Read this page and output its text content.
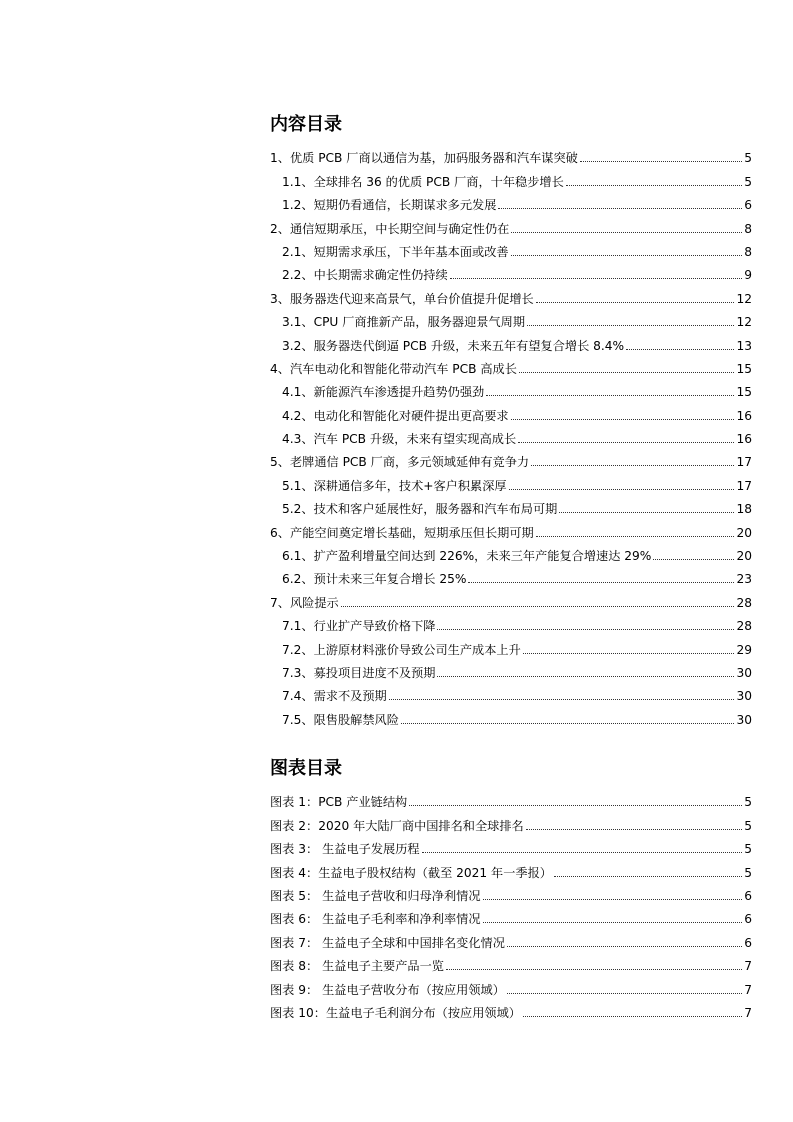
内容目录
1、优质 PCB 厂商以通信为基，加码服务器和汽车谋突破	5
1.1、全球排名 36 的优质 PCB 厂商，十年稳步增长	5
1.2、短期仍看通信，长期谋求多元发展	6
2、通信短期承压，中长期空间与确定性仍在	8
2.1、短期需求承压，下半年基本面或改善	8
2.2、中长期需求确定性仍持续	9
3、服务器迭代迎来高景气，单台价值提升促增长	12
3.1、CPU 厂商推新产品，服务器迎景气周期	12
3.2、服务器迭代倒逼 PCB 升级，未来五年有望复合增长 8.4%	13
4、汽车电动化和智能化带动汽车 PCB 高成长	15
4.1、新能源汽车渗透提升趋势仍强劲	15
4.2、电动化和智能化对硬件提出更高要求	16
4.3、汽车 PCB 升级，未来有望实现高成长	16
5、老牌通信 PCB 厂商，多元领域延伸有竞争力	17
5.1、深耕通信多年，技术+客户积累深厚	17
5.2、技术和客户延展性好，服务器和汽车布局可期	18
6、产能空间奠定增长基础，短期承压但长期可期	20
6.1、扩产盈利增量空间达到 226%，未来三年产能复合增速达 29%	20
6.2、预计未来三年复合增长 25%	23
7、风险提示	28
7.1、行业扩产导致价格下降	28
7.2、上游原材料涨价导致公司生产成本上升	29
7.3、募投项目进度不及预期	30
7.4、需求不及预期	30
7.5、限售股解禁风险	30
图表目录
图表 1：PCB 产业链结构	5
图表 2：2020 年大陆厂商中国排名和全球排名	5
图表 3： 生益电子发展历程	5
图表 4：生益电子股权结构（截至 2021 年一季报）	5
图表 5： 生益电子营收和归母净利情况	6
图表 6： 生益电子毛利率和净利率情况	6
图表 7： 生益电子全球和中国排名变化情况	6
图表 8： 生益电子主要产品一览	7
图表 9： 生益电子营收分布（按应用领域）	7
图表 10：生益电子毛利润分布（按应用领域）	7
